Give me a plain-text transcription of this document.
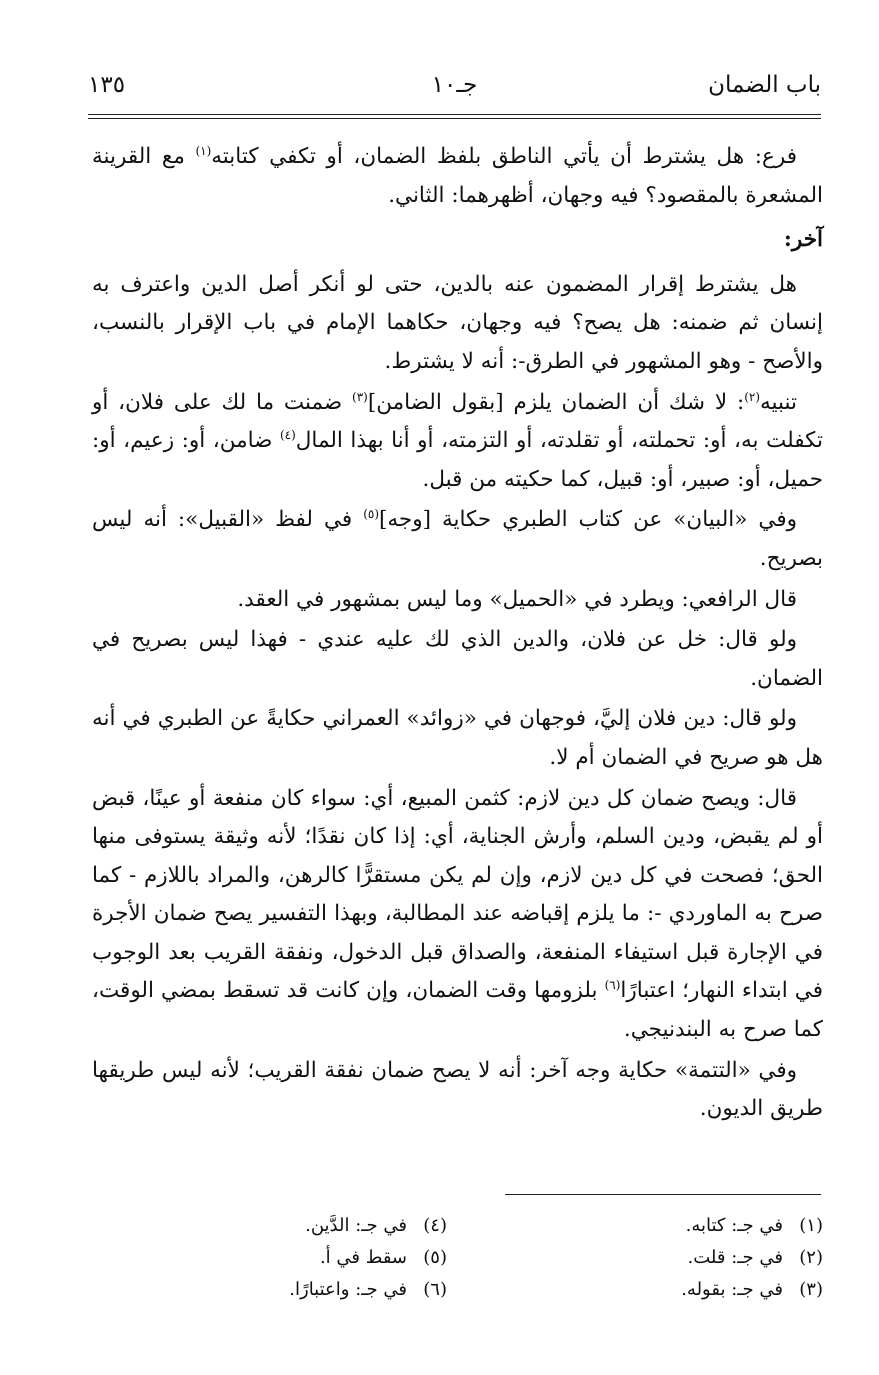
باب الضمان
جـ١٠
١٣٥

فرع: هل يشترط أن يأتي الناطق بلفظ الضمان، أو تكفي كتابته$^{(١)}$ مع القرينة المشعرة بالمقصود؟ فيه وجهان، أظهرهما: الثاني.

آخر:

هل يشترط إقرار المضمون عنه بالدين، حتى لو أنكر أصل الدين واعترف به إنسان ثم ضمنه: هل يصح؟ فيه وجهان، حكاهما الإمام في باب الإقرار بالنسب، والأصح - وهو المشهور في الطرق-: أنه لا يشترط.

تنبيه$^{(٢)}$: لا شك أن الضمان يلزم [بقول الضامن]$^{(٣)}$ ضمنت ما لك على فلان، أو تكفلت به، أو: تحملته، أو تقلدته، أو التزمته، أو أنا بهذا المال$^{(٤)}$ ضامن، أو: زعيم، أو: حميل، أو: صبير، أو: قبيل، كما حكيته من قبل.

وفي «البيان» عن كتاب الطبري حكاية [وجه]$^{(٥)}$ في لفظ «القبيل»: أنه ليس بصريح.

قال الرافعي: ويطرد في «الحميل» وما ليس بمشهور في العقد.

ولو قال: خل عن فلان، والدين الذي لك عليه عندي - فهذا ليس بصريح في الضمان.

ولو قال: دين فلان إليَّ، فوجهان في «زوائد» العمراني حكايةً عن الطبري في أنه هل هو صريح في الضمان أم لا.

قال: ويصح ضمان كل دين لازم: كثمن المبيع، أي: سواء كان منفعة أو عينًا، قبض أو لم يقبض، ودين السلم، وأرش الجناية، أي: إذا كان نقدًا؛ لأنه وثيقة يستوفى منها الحق؛ فصحت في كل دين لازم، وإن لم يكن مستقرًّا كالرهن، والمراد باللازم - كما صرح به الماوردي -: ما يلزم إقباضه عند المطالبة، وبهذا التفسير يصح ضمان الأجرة في الإجارة قبل استيفاء المنفعة، والصداق قبل الدخول، ونفقة القريب بعد الوجوب في ابتداء النهار؛ اعتبارًا$^{(٦)}$ بلزومها وقت الضمان، وإن كانت قد تسقط بمضي الوقت، كما صرح به البندنيجي.

وفي «التتمة» حكاية وجه آخر: أنه لا يصح ضمان نفقة القريب؛ لأنه ليس طريقها طريق الديون.

(١)في جـ: كتابه.
(٢)في جـ: قلت.
(٣)في جـ: بقوله.
(٤)في جـ: الدَّين.
(٥)سقط في أ.
(٦)في جـ: واعتبارًا.
